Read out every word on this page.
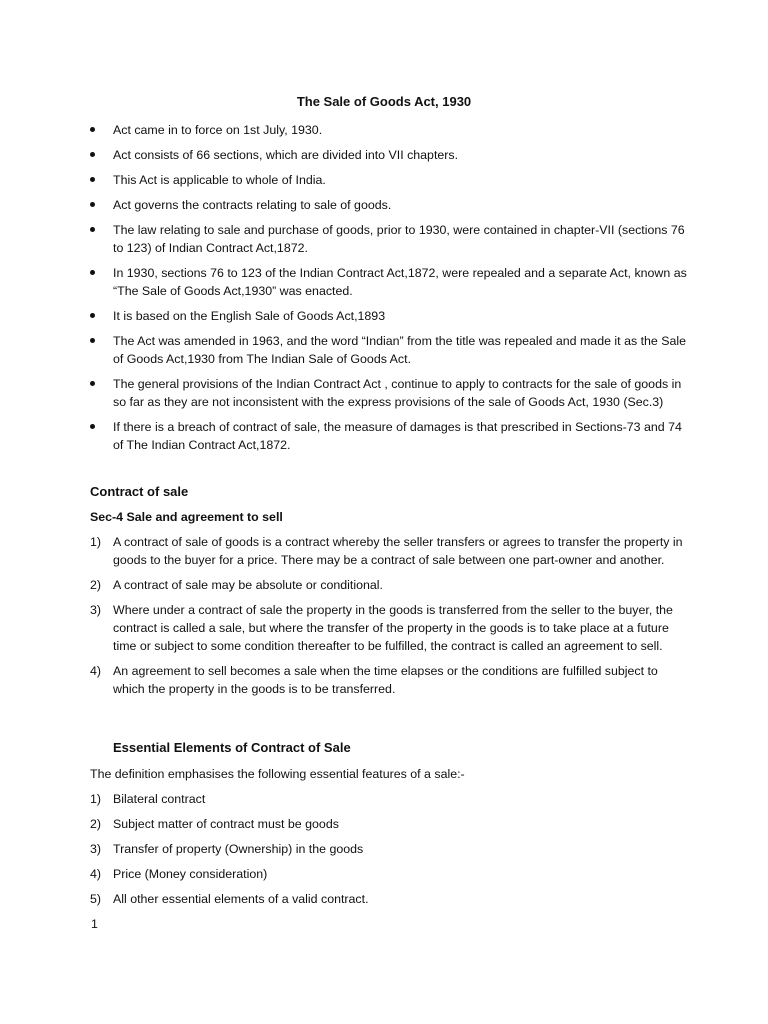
The Sale of Goods Act, 1930
Act came in to force on 1st July, 1930.
Act consists of 66 sections, which are divided into VII chapters.
This Act is applicable to whole of India.
Act governs the contracts relating to sale of goods.
The law relating to sale and purchase of goods, prior to 1930, were contained in chapter-VII (sections 76 to 123) of Indian Contract Act,1872.
In 1930, sections 76 to 123 of the Indian Contract Act,1872, were repealed and a separate Act, known as “The Sale of Goods Act,1930” was enacted.
It is based on the English Sale of Goods Act,1893
The Act was amended in 1963, and the word “Indian” from the title was repealed and made it as the Sale of Goods Act,1930 from The Indian Sale of Goods Act.
The general provisions of the Indian Contract Act , continue to apply to contracts for the sale of goods in so far as they are not inconsistent with the express provisions of the sale of Goods Act, 1930 (Sec.3)
If there is a breach of contract of sale, the measure of damages is that prescribed in Sections-73 and 74 of The Indian Contract Act,1872.
Contract of sale
Sec-4 Sale and agreement to sell
1) A contract of sale of goods is a contract whereby the seller transfers or agrees to transfer the property in goods to the buyer for a price. There may be a contract of sale between one part-owner and another.
2) A contract of sale may be absolute or conditional.
3) Where under a contract of sale the property in the goods is transferred from the seller to the buyer, the contract is called a sale, but where the transfer of the property in the goods is to take place at a future time or subject to some condition thereafter to be fulfilled, the contract is called an agreement to sell.
4) An agreement to sell becomes a sale when the time elapses or the conditions are fulfilled subject to which the property in the goods is to be transferred.
Essential Elements of Contract of Sale
The definition emphasises the following essential features of a sale:-
1) Bilateral contract
2) Subject matter of contract must be goods
3) Transfer of property (Ownership) in the goods
4) Price (Money consideration)
5) All other essential elements of a valid contract.
1
